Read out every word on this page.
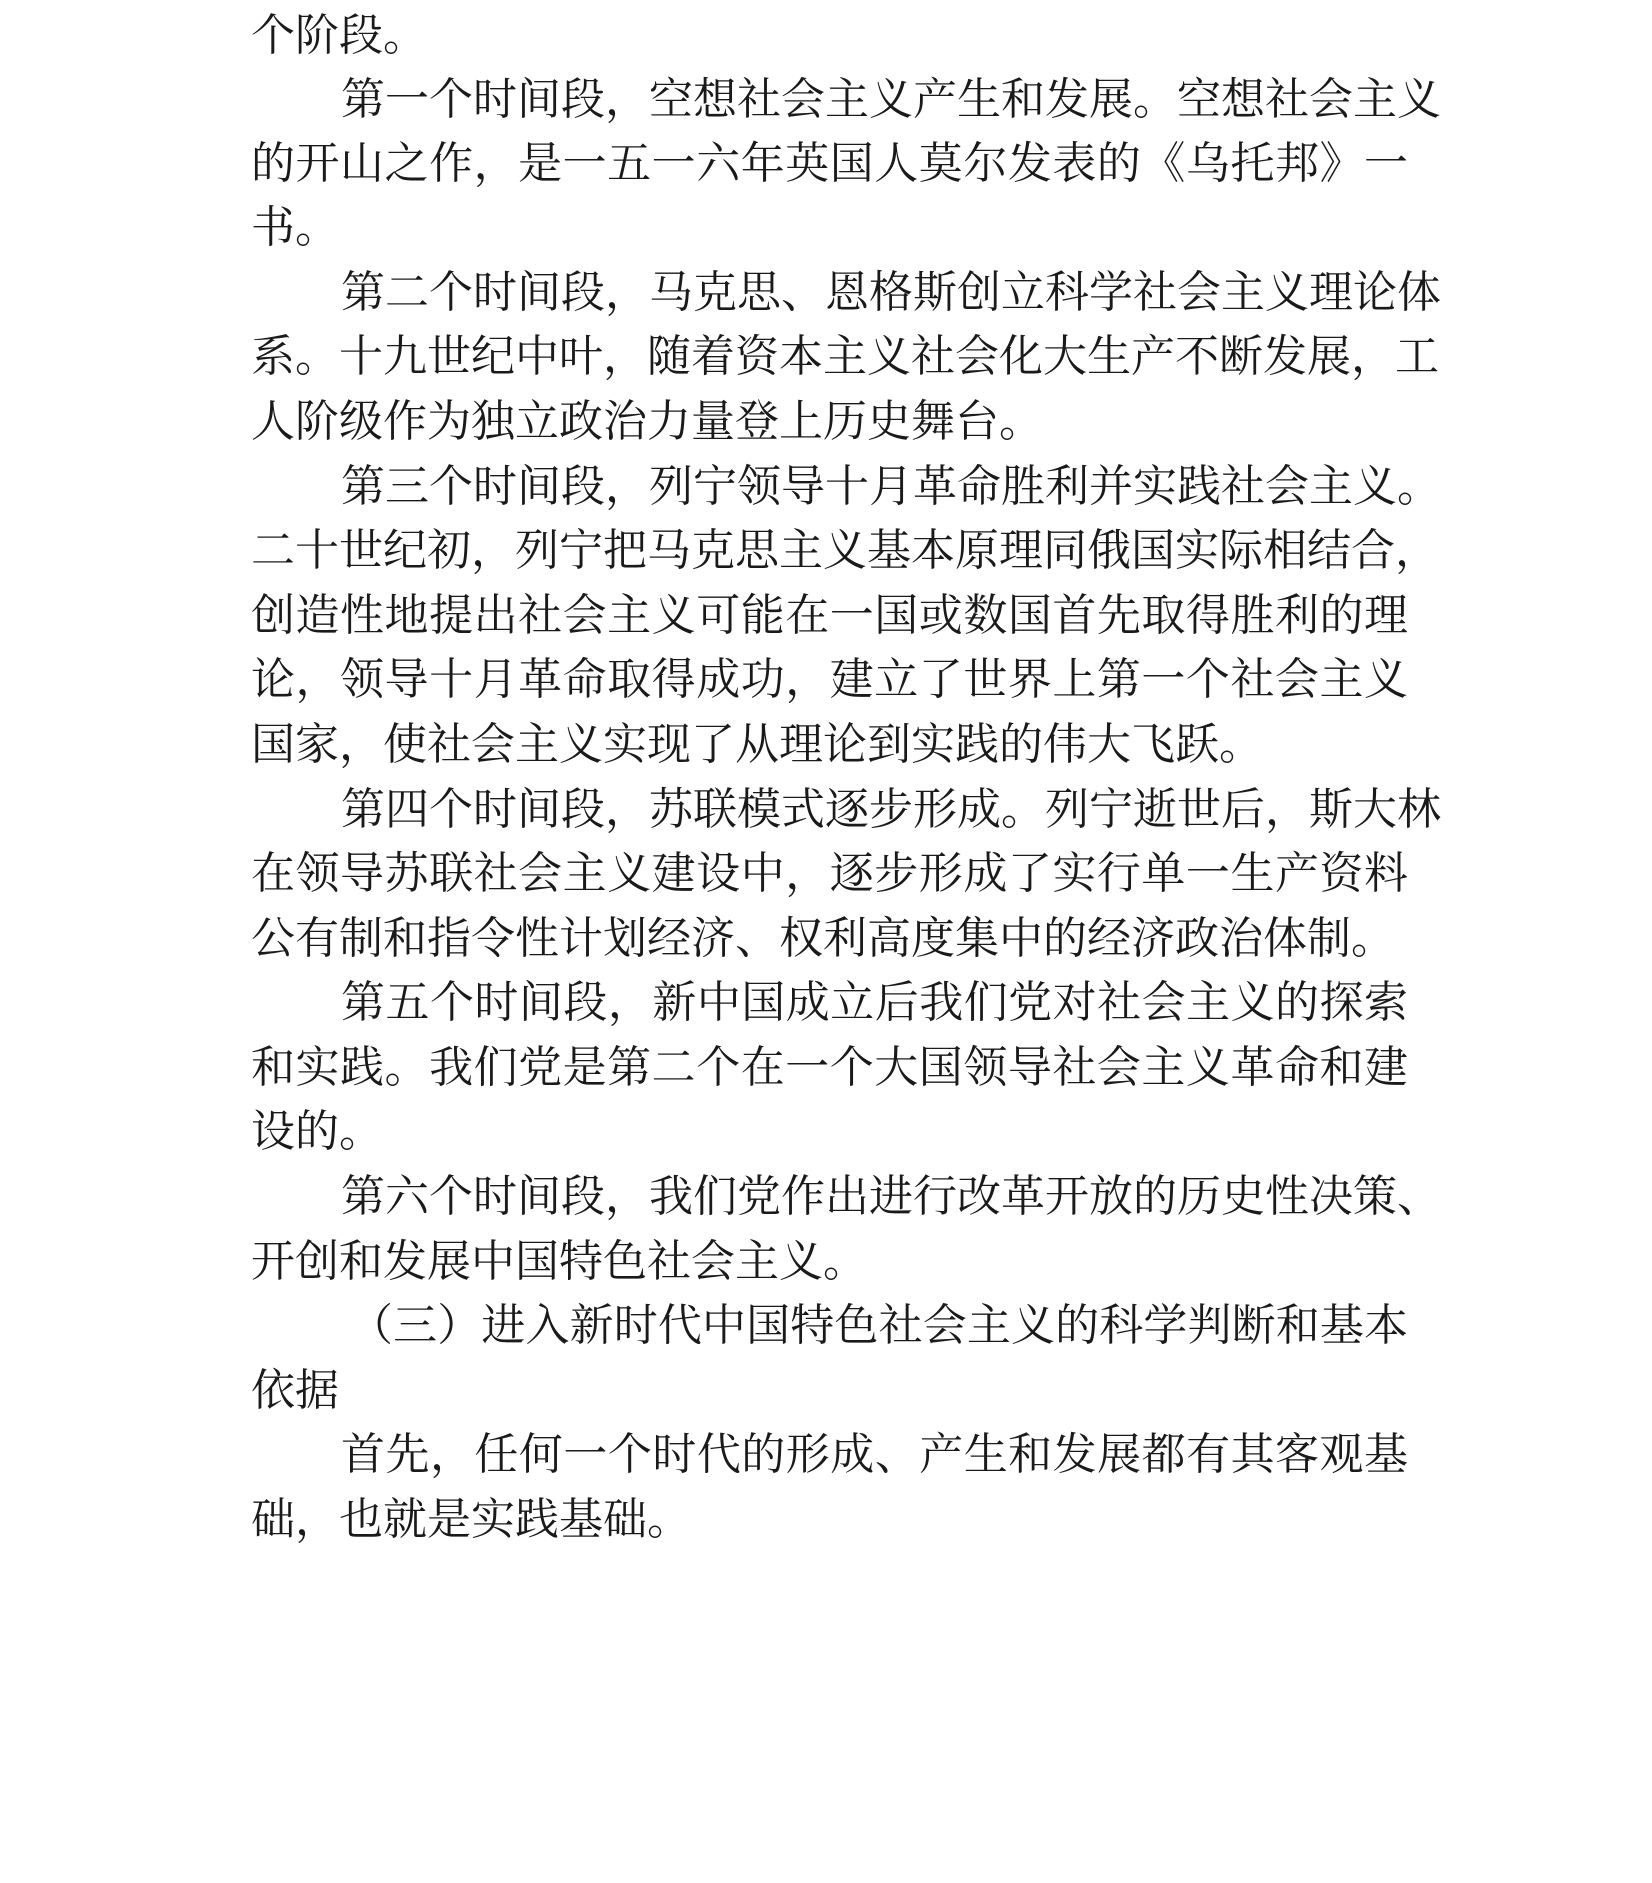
个阶段。
第一个时间段，空想社会主义产生和发展。空想社会主义
的开山之作，是一五一六年英国人莫尔发表的《乌托邦》一
书。
第二个时间段，马克思、恩格斯创立科学社会主义理论体
系。十九世纪中叶，随着资本主义社会化大生产不断发展，工
人阶级作为独立政治力量登上历史舞台。
第三个时间段，列宁领导十月革命胜利并实践社会主义。
二十世纪初，列宁把马克思主义基本原理同俄国实际相结合，
创造性地提出社会主义可能在一国或数国首先取得胜利的理
论，领导十月革命取得成功，建立了世界上第一个社会主义
国家，使社会主义实现了从理论到实践的伟大飞跃。
第四个时间段，苏联模式逐步形成。列宁逝世后，斯大林
在领导苏联社会主义建设中，逐步形成了实行单一生产资料
公有制和指令性计划经济、权利高度集中的经济政治体制。
第五个时间段，新中国成立后我们党对社会主义的探索
和实践。我们党是第二个在一个大国领导社会主义革命和建
设的。
第六个时间段，我们党作出进行改革开放的历史性决策、
开创和发展中国特色社会主义。
（三）进入新时代中国特色社会主义的科学判断和基本
依据
首先，任何一个时代的形成、产生和发展都有其客观基
础，也就是实践基础。
